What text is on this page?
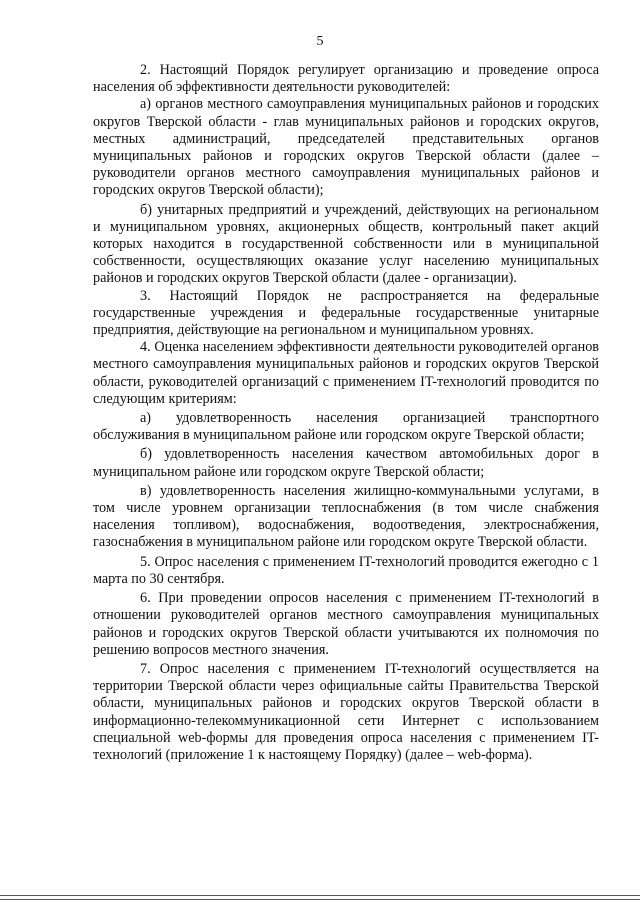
5

2. Настоящий Порядок регулирует организацию и проведение опроса населения об эффективности деятельности руководителей:

а) органов местного самоуправления муниципальных районов и городских округов Тверской области - глав муниципальных районов и городских округов, местных администраций, председателей представительных органов муниципальных районов и городских округов Тверской области (далее – руководители органов местного самоуправления муниципальных районов и городских округов Тверской области);

б) унитарных предприятий и учреждений, действующих на региональном и муниципальном уровнях, акционерных обществ, контрольный пакет акций которых находится в государственной собственности или в муниципальной собственности, осуществляющих оказание услуг населению муниципальных районов и городских округов Тверской области (далее - организации).

3. Настоящий Порядок не распространяется на федеральные государственные учреждения и федеральные государственные унитарные предприятия, действующие на региональном и муниципальном уровнях.

4. Оценка населением эффективности деятельности руководителей органов местного самоуправления муниципальных районов и городских округов Тверской области, руководителей организаций с применением IT-технологий проводится по следующим критериям:

а) удовлетворенность населения организацией транспортного обслуживания в муниципальном районе или городском округе Тверской области;

б) удовлетворенность населения качеством автомобильных дорог в муниципальном районе или городском округе Тверской области;

в) удовлетворенность населения жилищно-коммунальными услугами, в том числе уровнем организации теплоснабжения (в том числе снабжения населения топливом), водоснабжения, водоотведения, электроснабжения, газоснабжения в муниципальном районе или городском округе Тверской области.

5. Опрос населения с применением IT-технологий проводится ежегодно с 1 марта по 30 сентября.

6. При проведении опросов населения с применением IT-технологий в отношении руководителей органов местного самоуправления муниципальных районов и городских округов Тверской области учитываются их полномочия по решению вопросов местного значения.

7. Опрос населения с применением IT-технологий осуществляется на территории Тверской области через официальные сайты Правительства Тверской области, муниципальных районов и городских округов Тверской области в информационно-телекоммуникационной сети Интернет с использованием специальной web-формы для проведения опроса населения с применением IT-технологий (приложение 1 к настоящему Порядку) (далее – web-форма).
